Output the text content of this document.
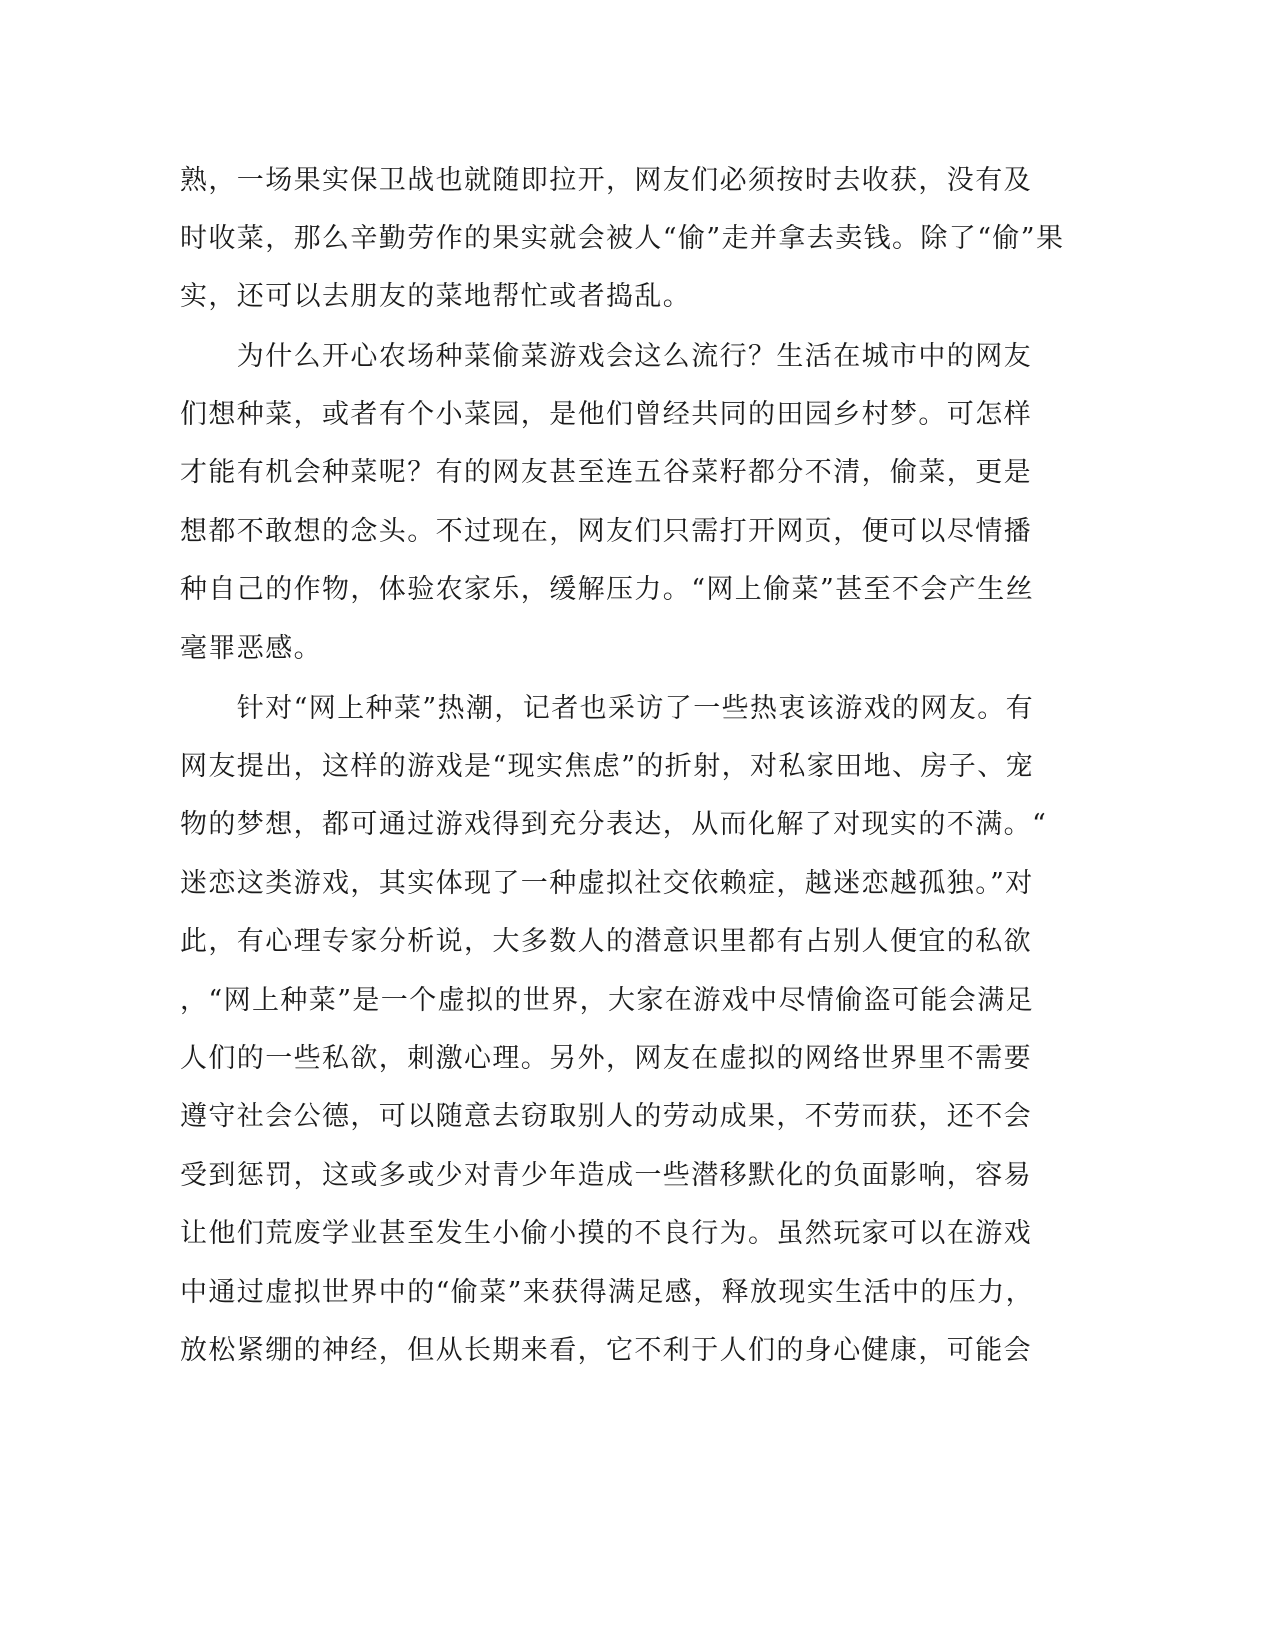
熟，一场果实保卫战也就随即拉开，网友们必须按时去收获，没有及
时收菜，那么辛勤劳作的果实就会被人“偷”走并拿去卖钱。除了“偷”果
实，还可以去朋友的菜地帮忙或者捣乱。
　　为什么开心农场种菜偷菜游戏会这么流行？生活在城市中的网友
们想种菜，或者有个小菜园，是他们曾经共同的田园乡村梦。可怎样
才能有机会种菜呢？有的网友甚至连五谷菜籽都分不清，偷菜，更是
想都不敢想的念头。不过现在，网友们只需打开网页，便可以尽情播
种自己的作物，体验农家乐，缓解压力。“网上偷菜”甚至不会产生丝
毫罪恶感。
　　针对“网上种菜”热潮，记者也采访了一些热衷该游戏的网友。有
网友提出，这样的游戏是“现实焦虑”的折射，对私家田地、房子、宠
物的梦想，都可通过游戏得到充分表达，从而化解了对现实的不满。“
迷恋这类游戏，其实体现了一种虚拟社交依赖症，越迷恋越孤独。”对
此，有心理专家分析说，大多数人的潜意识里都有占别人便宜的私欲
，“网上种菜”是一个虚拟的世界，大家在游戏中尽情偷盗可能会满足
人们的一些私欲，刺激心理。另外，网友在虚拟的网络世界里不需要
遵守社会公德，可以随意去窃取别人的劳动成果，不劳而获，还不会
受到惩罚，这或多或少对青少年造成一些潜移默化的负面影响，容易
让他们荒废学业甚至发生小偷小摸的不良行为。虽然玩家可以在游戏
中通过虚拟世界中的“偷菜”来获得满足感，释放现实生活中的压力，
放松紧绷的神经，但从长期来看，它不利于人们的身心健康，可能会
